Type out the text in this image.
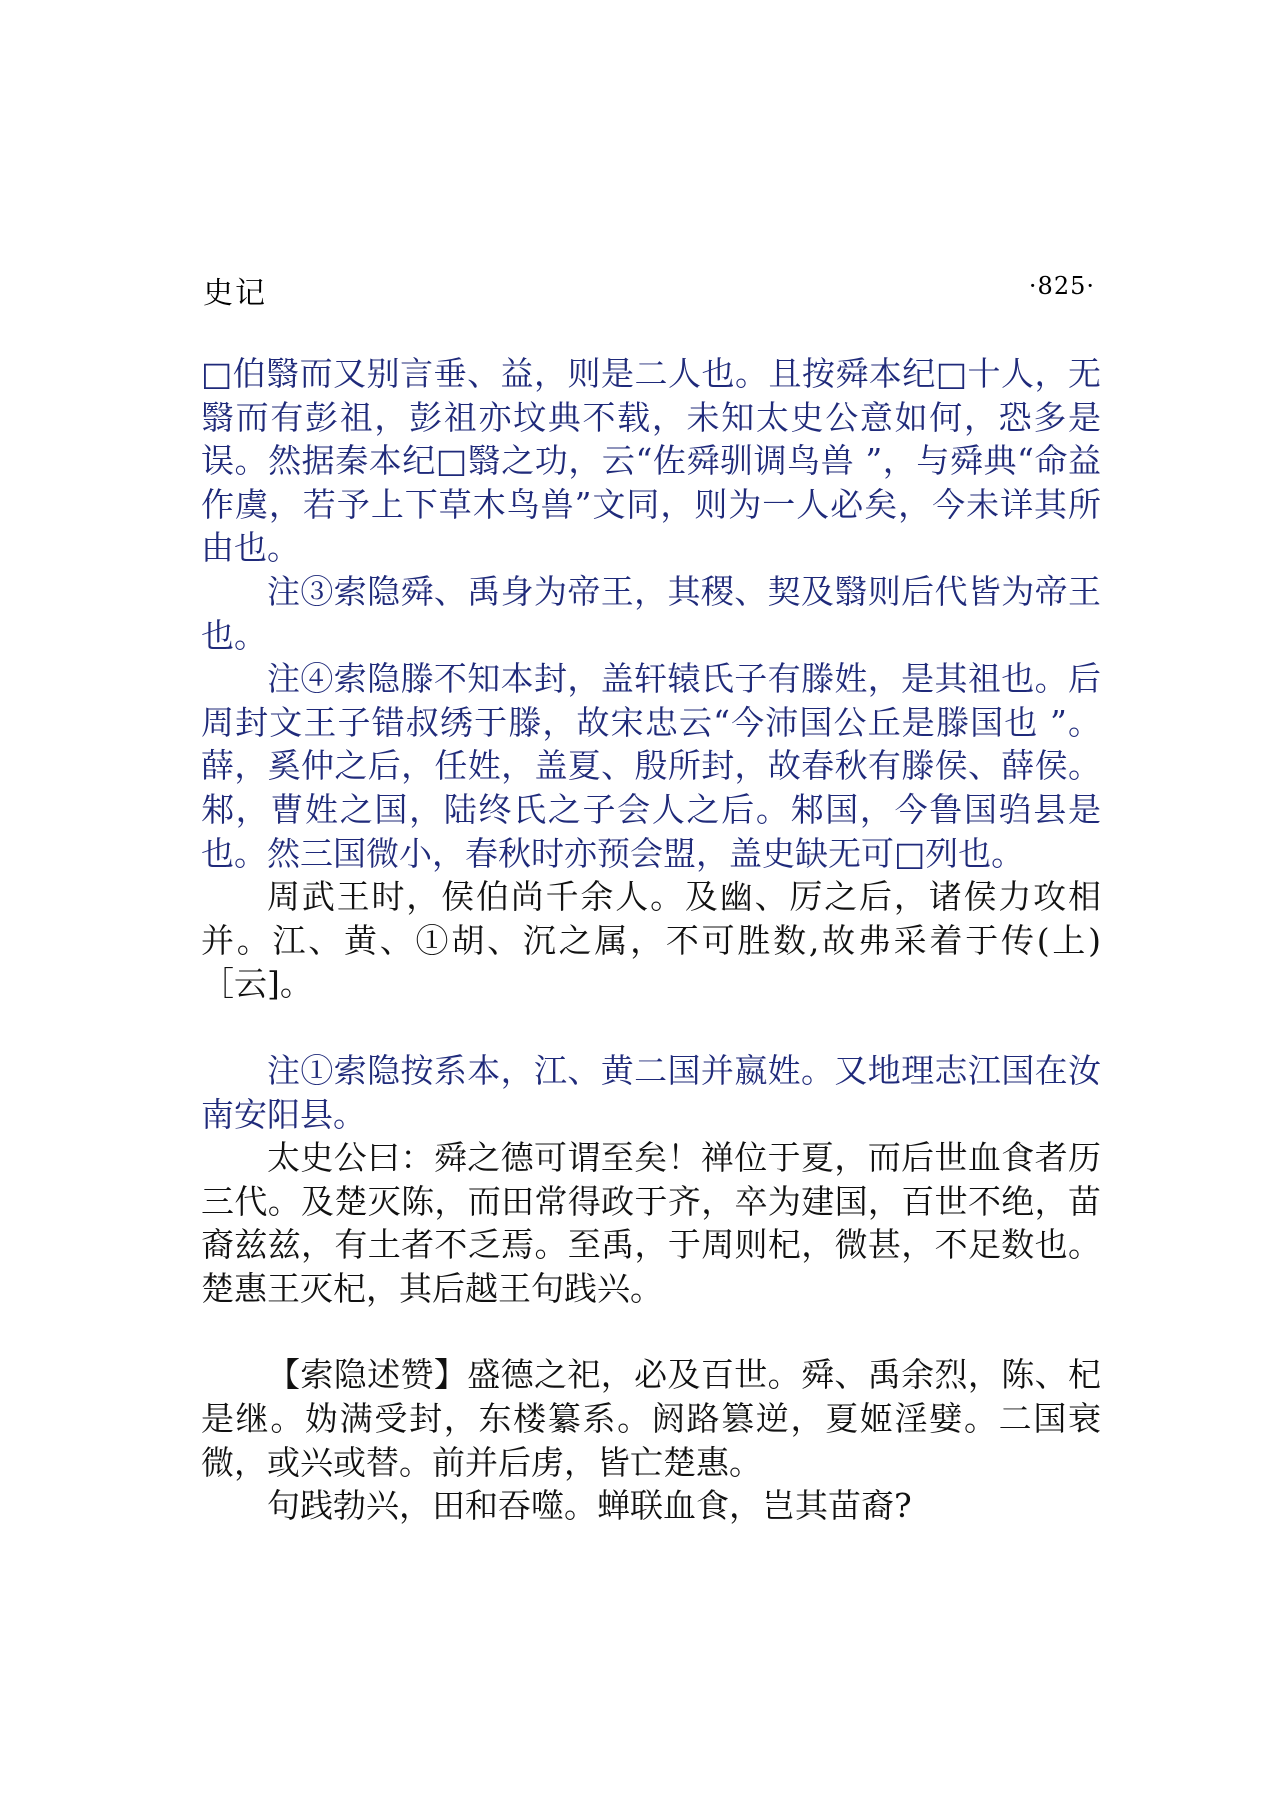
史记	·825·

□伯翳而又别言垂、益，则是二人也。且按舜本纪□十人，无翳而有彭祖，彭祖亦坟典不载，未知太史公意如何，恐多是误。然据秦本纪□翳之功，云“佐舜驯调鸟兽 ”，与舜典“命益作虞，若予上下草木鸟兽”文同，则为一人必矣，今未详其所由也。

注③索隐舜、禹身为帝王，其稷、契及翳则后代皆为帝王也。

注④索隐滕不知本封，盖轩辕氏子有滕姓，是其祖也。后周封文王子错叔绣于滕，故宋忠云“今沛国公丘是滕国也 ”。薛，奚仲之后，任姓，盖夏、殷所封，故春秋有滕侯、薛侯。邾，曹姓之国，陆终氏之子会人之后。邾国，今鲁国驺县是也。然三国微小，春秋时亦预会盟，盖史缺无可□列也。

周武王时，侯伯尚千余人。及幽、厉之后，诸侯力攻相并。江、黄、①胡、沉之属，不可胜数,故弗采着于传(上)［云]。

注①索隐按系本，江、黄二国并嬴姓。又地理志江国在汝南安阳县。

太史公曰：舜之德可谓至矣！禅位于夏，而后世血食者历三代。及楚灭陈，而田常得政于齐，卒为建国，百世不绝，苗裔兹兹，有土者不乏焉。至禹，于周则杞，微甚，不足数也。楚惠王灭杞，其后越王句践兴。

【索隐述赞】盛德之祀，必及百世。舜、禹余烈，陈、杞是继。妫满受封，东楼纂系。阏路篡逆，夏姬淫嬖。二国衰微，或兴或替。前并后虏，皆亡楚惠。

句践勃兴，田和吞噬。蝉联血食，岂其苗裔?
